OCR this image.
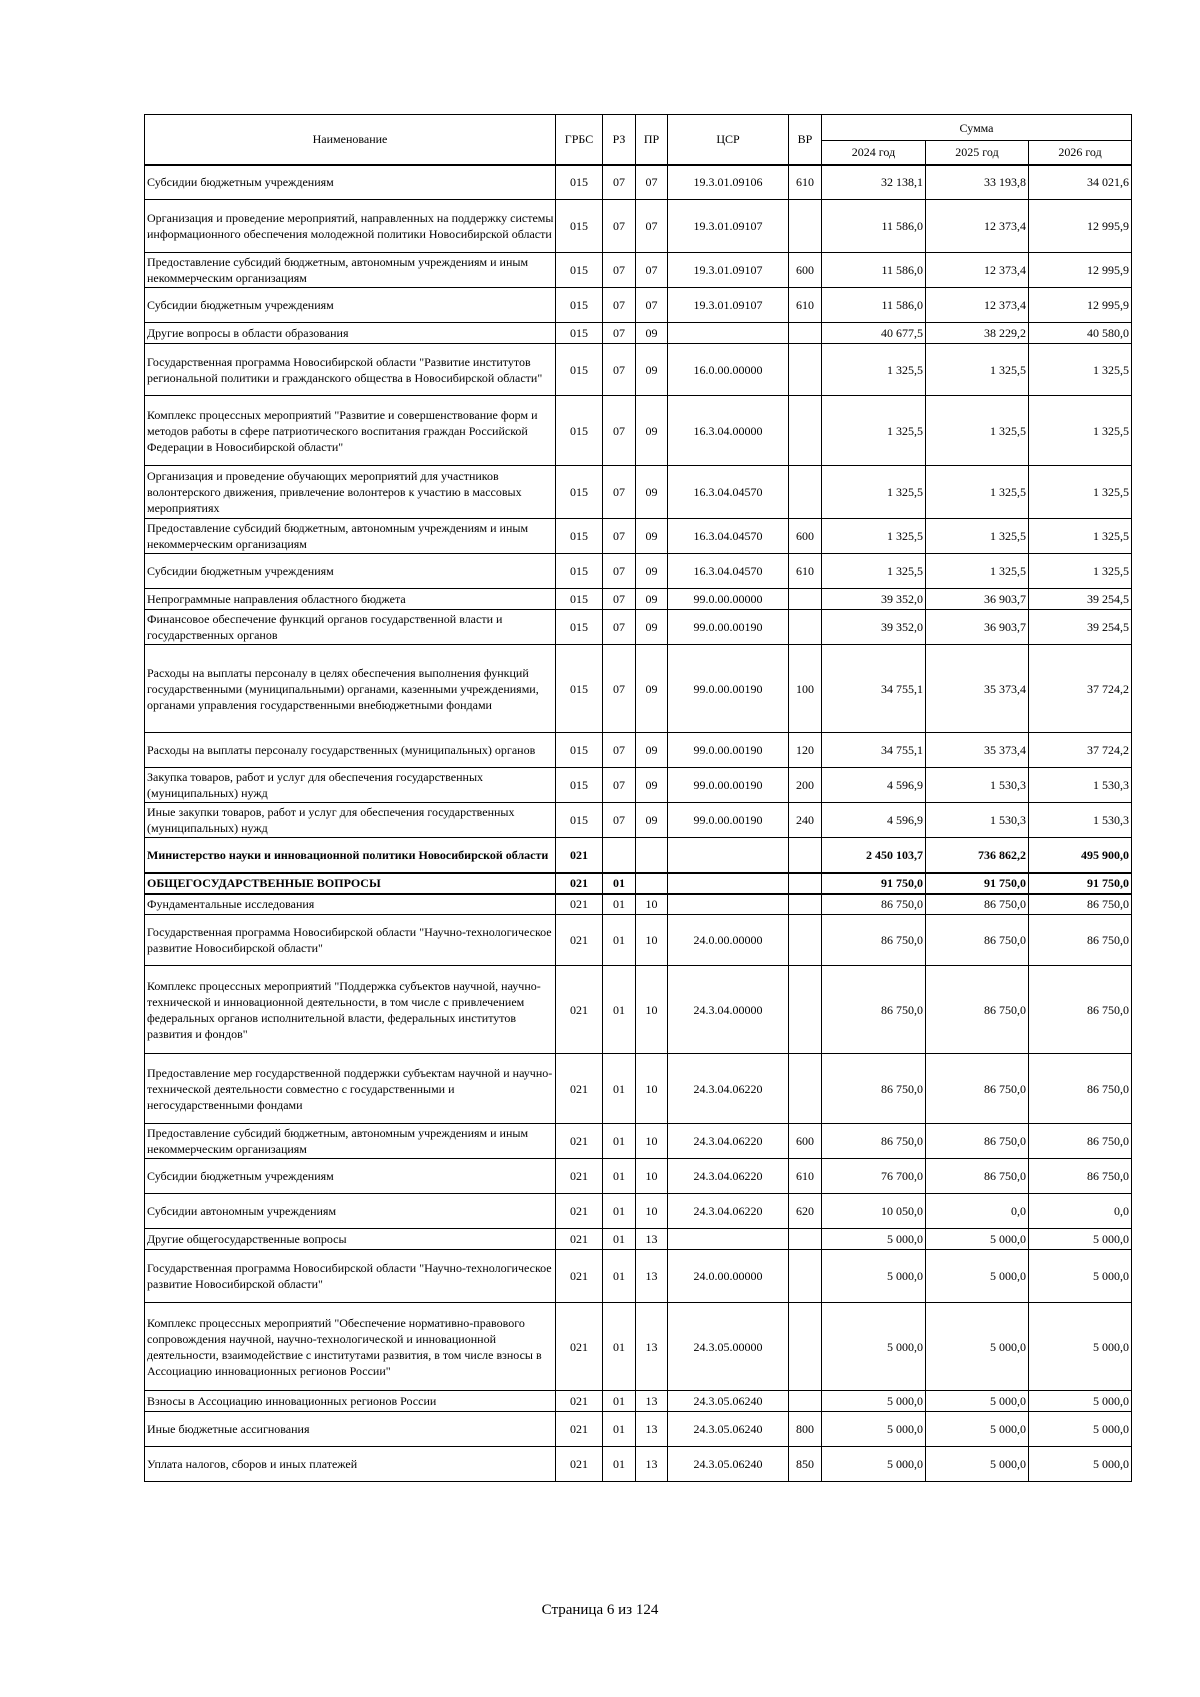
Наименование	ГРБС	РЗ	ПР	ЦСР	ВР	Сумма		
						2024 год	2025 год	2026 год
Субсидии бюджетным учреждениям	015	07	07	19.3.01.09106	610	32 138,1	33 193,8	34 021,6
Организация и проведение мероприятий, направленных на поддержку системы информационного обеспечения молодежной политики Новосибирской области	015	07	07	19.3.01.09107		11 586,0	12 373,4	12 995,9
Предоставление субсидий бюджетным, автономным учреждениям и иным некоммерческим организациям	015	07	07	19.3.01.09107	600	11 586,0	12 373,4	12 995,9
Субсидии бюджетным учреждениям	015	07	07	19.3.01.09107	610	11 586,0	12 373,4	12 995,9
Другие вопросы в области образования	015	07	09			40 677,5	38 229,2	40 580,0
Государственная программа Новосибирской области "Развитие институтов региональной политики и гражданского общества в Новосибирской области"	015	07	09	16.0.00.00000		1 325,5	1 325,5	1 325,5
Комплекс процессных мероприятий "Развитие и совершенствование форм и методов работы в сфере патриотического воспитания граждан Российской Федерации в Новосибирской области"	015	07	09	16.3.04.00000		1 325,5	1 325,5	1 325,5
Организация и проведение обучающих мероприятий для участников волонтерского движения, привлечение волонтеров к участию в массовых мероприятиях	015	07	09	16.3.04.04570		1 325,5	1 325,5	1 325,5
Предоставление субсидий бюджетным, автономным учреждениям и иным некоммерческим организациям	015	07	09	16.3.04.04570	600	1 325,5	1 325,5	1 325,5
Субсидии бюджетным учреждениям	015	07	09	16.3.04.04570	610	1 325,5	1 325,5	1 325,5
Непрограммные направления областного бюджета	015	07	09	99.0.00.00000		39 352,0	36 903,7	39 254,5
Финансовое обеспечение функций органов государственной власти и государственных органов	015	07	09	99.0.00.00190		39 352,0	36 903,7	39 254,5
Расходы на выплаты персоналу в целях обеспечения выполнения функций государственными (муниципальными) органами, казенными учреждениями, органами управления государственными внебюджетными фондами	015	07	09	99.0.00.00190	100	34 755,1	35 373,4	37 724,2
Расходы на выплаты персоналу государственных (муниципальных) органов	015	07	09	99.0.00.00190	120	34 755,1	35 373,4	37 724,2
Закупка товаров, работ и услуг для обеспечения государственных (муниципальных) нужд	015	07	09	99.0.00.00190	200	4 596,9	1 530,3	1 530,3
Иные закупки товаров, работ и услуг для обеспечения государственных (муниципальных) нужд	015	07	09	99.0.00.00190	240	4 596,9	1 530,3	1 530,3
Министерство науки и инновационной политики Новосибирской области	021					2 450 103,7	736 862,2	495 900,0
ОБЩЕГОСУДАРСТВЕННЫЕ ВОПРОСЫ	021	01				91 750,0	91 750,0	91 750,0
Фундаментальные исследования	021	01	10			86 750,0	86 750,0	86 750,0
Государственная программа Новосибирской области "Научно-технологическое развитие Новосибирской области"	021	01	10	24.0.00.00000		86 750,0	86 750,0	86 750,0
Комплекс процессных мероприятий "Поддержка субъектов научной, научно-технической и инновационной деятельности, в том числе с привлечением федеральных органов исполнительной власти, федеральных институтов развития и фондов"	021	01	10	24.3.04.00000		86 750,0	86 750,0	86 750,0
Предоставление мер государственной поддержки субъектам научной и научно-технической деятельности совместно с государственными и негосударственными фондами	021	01	10	24.3.04.06220		86 750,0	86 750,0	86 750,0
Предоставление субсидий бюджетным, автономным учреждениям и иным некоммерческим организациям	021	01	10	24.3.04.06220	600	86 750,0	86 750,0	86 750,0
Субсидии бюджетным учреждениям	021	01	10	24.3.04.06220	610	76 700,0	86 750,0	86 750,0
Субсидии автономным учреждениям	021	01	10	24.3.04.06220	620	10 050,0	0,0	0,0
Другие общегосударственные вопросы	021	01	13			5 000,0	5 000,0	5 000,0
Государственная программа Новосибирской области "Научно-технологическое развитие Новосибирской области"	021	01	13	24.0.00.00000		5 000,0	5 000,0	5 000,0
Комплекс процессных мероприятий "Обеспечение нормативно-правового сопровождения научной, научно-технологической и инновационной деятельности, взаимодействие с институтами развития, в том числе взносы в Ассоциацию инновационных регионов России"	021	01	13	24.3.05.00000		5 000,0	5 000,0	5 000,0
Взносы в Ассоциацию инновационных регионов России	021	01	13	24.3.05.06240		5 000,0	5 000,0	5 000,0
Иные бюджетные ассигнования	021	01	13	24.3.05.06240	800	5 000,0	5 000,0	5 000,0
Уплата налогов, сборов и иных платежей	021	01	13	24.3.05.06240	850	5 000,0	5 000,0	5 000,0
Страница 6 из 124
